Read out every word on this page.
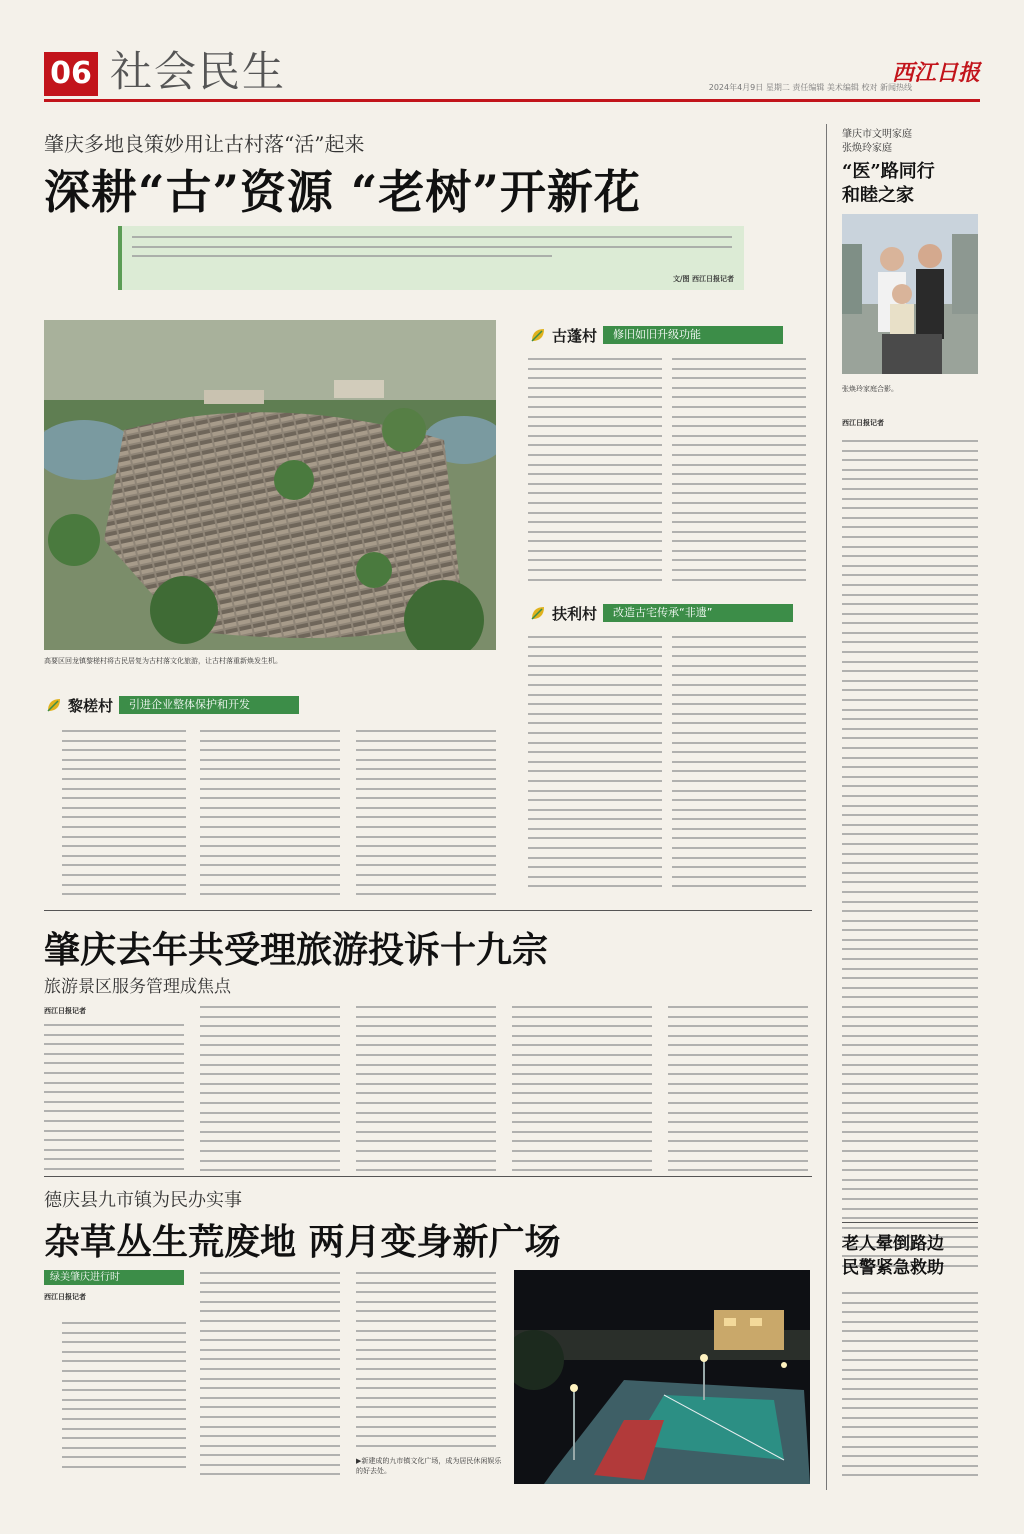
06 社会民生	2024年4月9日 星期二 责任编辑 美术编辑 校对 新闻热线
西江日报
肇庆多地良策妙用让古村落“活”起来
深耕“古”资源 “老树”开新花
文/图 西江日报记者
高要区回龙镇黎槎村将古民居复为古村落文化旅游，让古村落重新焕发生机。
古蓬村	修旧如旧升级功能
扶利村	改造古宅传承“非遗”
黎槎村	引进企业整体保护和开发
肇庆去年共受理旅游投诉十九宗
旅游景区服务管理成焦点
西江日报记者
德庆县九市镇为民办实事
杂草丛生荒废地 两月变身新广场
绿美肇庆进行时
西江日报记者
▶新建成的九市镇文化广场，成为居民休闲娱乐的好去处。
肇庆市文明家庭
张焕玲家庭
“医”路同行
和睦之家
张焕玲家庭合影。
西江日报记者
老人晕倒路边
民警紧急救助
